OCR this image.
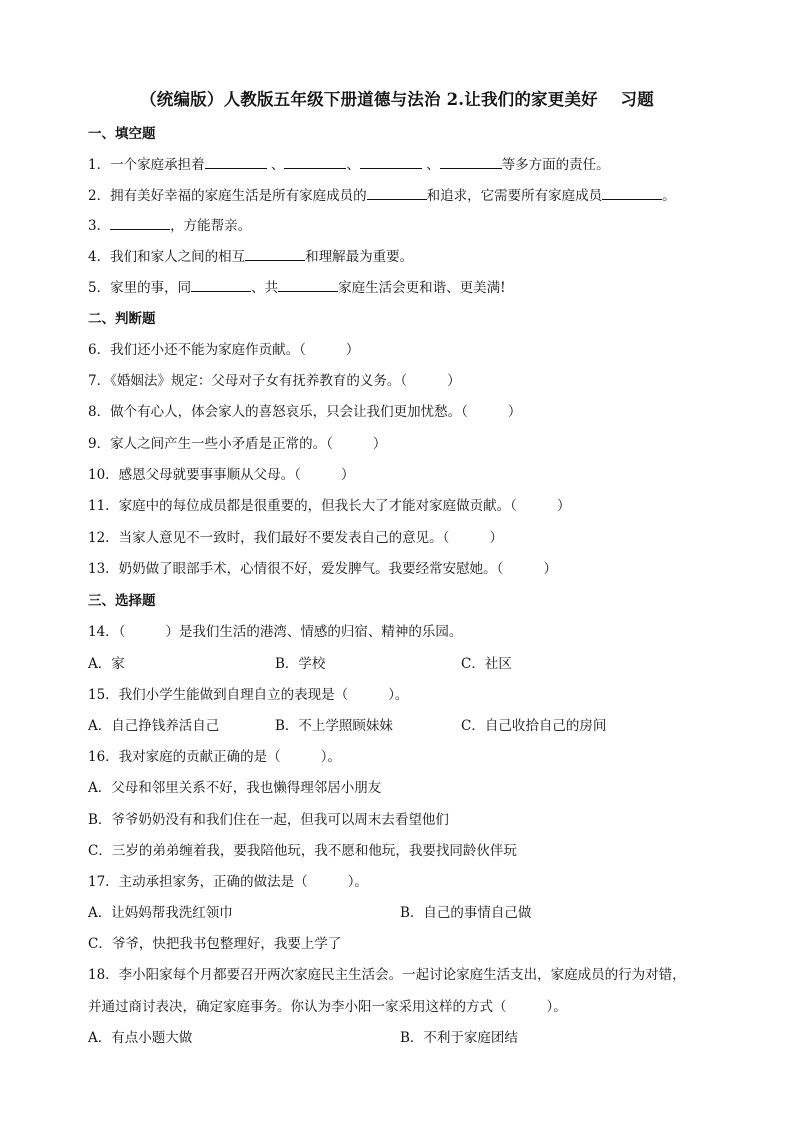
（统编版）人教版五年级下册道德与法治 2.让我们的家更美好　 习题
一、填空题
1．一个家庭承担着	、	、	、	等多方面的责任。
2．拥有美好幸福的家庭生活是所有家庭成员的	和追求，它需要所有家庭成员	。
3．	，方能帮亲。
4．我们和家人之间的相互	和理解最为重要。
5．家里的事，同	、共	家庭生活会更和谐、更美满!
二、判断题
6．我们还小还不能为家庭作贡献。（	）
7．《婚姻法》规定：父母对子女有抚养教育的义务。（	）
8．做个有心人，体会家人的喜怒哀乐，只会让我们更加忧愁。（	）
9．家人之间产生一些小矛盾是正常的。（	）
10．感恩父母就要事事顺从父母。（	）
11．家庭中的每位成员都是很重要的，但我长大了才能对家庭做贡献。（	）
12．当家人意见不一致时，我们最好不要发表自己的意见。（	）
13．奶奶做了眼部手术，心情很不好，爱发脾气。我要经常安慰她。（	）
三、选择题
14．（	）是我们生活的港湾、情感的归宿、精神的乐园。
A．家	B．学校	C．社区
15．我们小学生能做到自理自立的表现是（	）。
A．自己挣钱养活自己	B．不上学照顾妹妹	C．自己收拾自己的房间
16．我对家庭的贡献正确的是（	）。
A．父母和邻里关系不好，我也懒得理邻居小朋友
B．爷爷奶奶没有和我们住在一起，但我可以周末去看望他们
C．三岁的弟弟缠着我，要我陪他玩，我不愿和他玩，我要找同龄伙伴玩
17．主动承担家务，正确的做法是（	）。
A．让妈妈帮我洗红领巾	B．自己的事情自己做
C．爷爷，快把我书包整理好，我要上学了
18．李小阳家每个月都要召开两次家庭民主生活会。一起讨论家庭生活支出，家庭成员的行为对错，
并通过商讨表决，确定家庭事务。你认为李小阳一家采用这样的方式（	）。
A．有点小题大做	B．不利于家庭团结
